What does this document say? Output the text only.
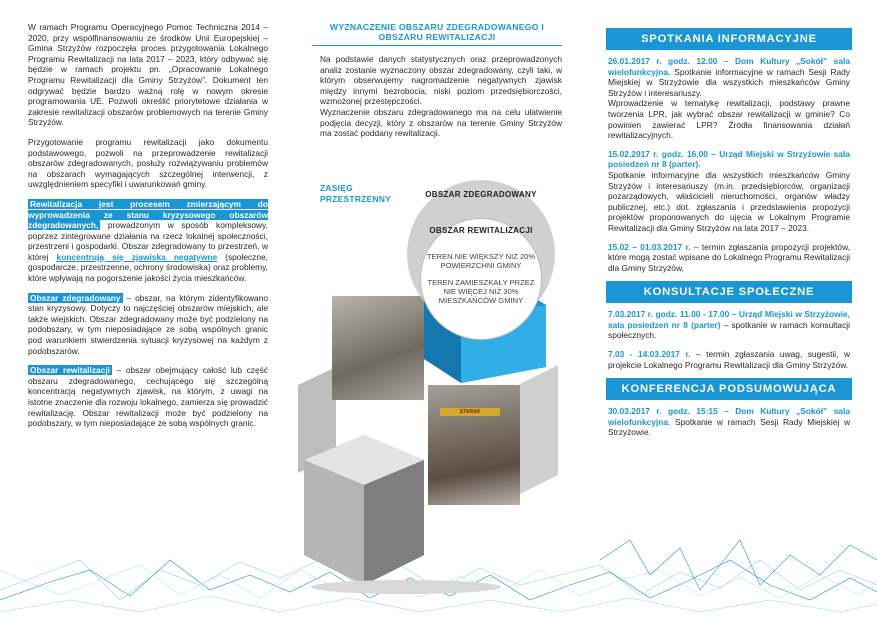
W ramach Programu Operacyjnego Pomoc Techniczna 2014 – 2020, przy współfinansowaniu ze środków Unii Europejskiej – Gmina Strzyżów rozpoczęła proces przygotowania Lokalnego Programu Rewitalizacji na lata 2017 – 2023, który odbywać się będzie w ramach projektu pn. „Opracowanie Lokalnego Programu Rewitalizacji dla Gminy Strzyżów”. Dokument ten odgrywać będzie bardzo ważną rolę w nowym okresie programowania UE. Pozwoli określić priorytetowe działania w zakresie rewitalizacji obszarów problemowych na terenie Gminy Strzyżów.

Przygotowanie programu rewitalizacji jako dokumentu podstawowego, pozwoli na przeprowadzenie rewitalizacji obszarów zdegradowanych, posłuży rozwiązywaniu problemów na obszarach wymagających szczególnej interwencji, z uwzględnieniem specyfiki i uwarunkowań gminy.

Rewitalizacja jest procesem zmierzającym do wyprowadzenia ze stanu kryzysowego obszarów zdegradowanych, prowadzonym w sposób kompleksowy, poprzez zintegrowane działania na rzecz lokalnej społeczności, przestrzeni i gospodarki. Obszar zdegradowany to przestrzeń, w której koncentrują się zjawiska negatywne (społeczne, gospodarcze, przestrzenne, ochrony środowiska) oraz problemy, które wpływają na pogorszenie jakości życia mieszkańców.

Obszar zdegradowany – obszar, na którym zidentyfikowano stan kryzysowy. Dotyczy to najczęściej obszarów miejskich, ale także wiejskich. Obszar zdegradowany może być podzielony na podobszary, w tym nieposiadające ze sobą wspólnych granic pod warunkiem stwierdzenia sytuacji kryzysowej na każdym z podobszarów.

Obszar rewitalizacji – obszar obejmujący całość lub część obszaru zdegradowanego, cechującego się szczególną koncentracją negatywnych zjawisk, na którym, z uwagi na istotne znaczenie dla rozwoju lokalnego, zamierza się prowadzić rewitalizację. Obszar rewitalizacji może być podzielony na podobszary, w tym nieposiadające ze sobą wspólnych granic.

WYZNACZENIE OBSZARU ZDEGRADOWANEGO I OBSZARU REWITALIZACJI

Na podstawie danych statystycznych oraz przeprowadzonych analiz zostanie wyznaczony obszar zdegradowany, czyli taki, w którym obserwujemy nagromadzenie negatywnych zjawisk między innymi bezrobocia, niski poziom przedsiębiorczości, wzmożonej przestępczości.

Wyznaczenie obszaru zdegradowanego ma na celu ułatwienie podjęcia decyzji, który z obszarów na terenie Gminy Strzyżów ma zostać poddany rewitalizacji.

ZASIĘG PRZESTRZENNY
STARAK
OBSZAR ZDEGRADOWANY
OBSZAR REWITALIZACJI
TEREN NIE WIĘKSZY NIŻ 20% POWIERZCHNI GMINY
TEREN ZAMIESZKAŁY PRZEZ NIE WIĘCEJ NIŻ 30% MIESZKAŃCÓW GMINY
SPOTKANIA INFORMACYJNE

26.01.2017 r. godz. 12.00 – Dom Kultury „Sokół” sala wielofunkcyjna. Spotkanie informacyjne w ramach Sesji Rady Miejskiej w Strzyżowie dla wszystkich mieszkańców Gminy Strzyżów i interesariuszy.
Wprowadzenie w tematykę rewitalizacji, podstawy prawne tworzenia LPR, jak wybrać obszar rewitalizacji w gminie? Co powinien zawierać LPR? Źródła finansowania działań rewitalizacyjnych.

15.02.2017 r. godz. 16.00 – Urząd Miejski w Strzyżowie sala posiedzeń nr 8 (parter).
Spotkanie informacyjne dla wszystkich mieszkańców Gminy Strzyżów i interesariuszy (m.in. przedsiębiorców, organizacji pozarządowych, właścicieli nieruchomości, organów władzy publicznej, etc.) dot. zgłaszania i przedstawienia propozycji projektów proponowanych do ujęcia w Lokalnym Programie Rewitalizacji dla Gminy Strzyżów na lata 2017 – 2023.

15.02 – 01.03.2017 r. – termin zgłaszania propozycji projektów, które mogą zostać wpisane do Lokalnego Programu Rewitalizacji dla Gminy Strzyżów.

KONSULTACJE SPOŁECZNE

7.03.2017 r. godz. 11.00 - 17.00 – Urząd Miejski w Strzyżowie, sala posiedzeń nr 8 (parter) – spotkanie w ramach konsultacji społecznych.

7.03 - 14.03.2017 r. – termin zgłaszania uwag, sugestii, w projekcie Lokalnego Programu Rewitalizacji dla Gminy Strzyżów.

KONFERENCJA PODSUMOWUJĄCA

30.03.2017 r. godz. 15:15 – Dom Kultury „Sokół” sala wielofunkcyjna. Spotkanie w ramach Sesji Rady Miejskiej w Strzyżowie.
